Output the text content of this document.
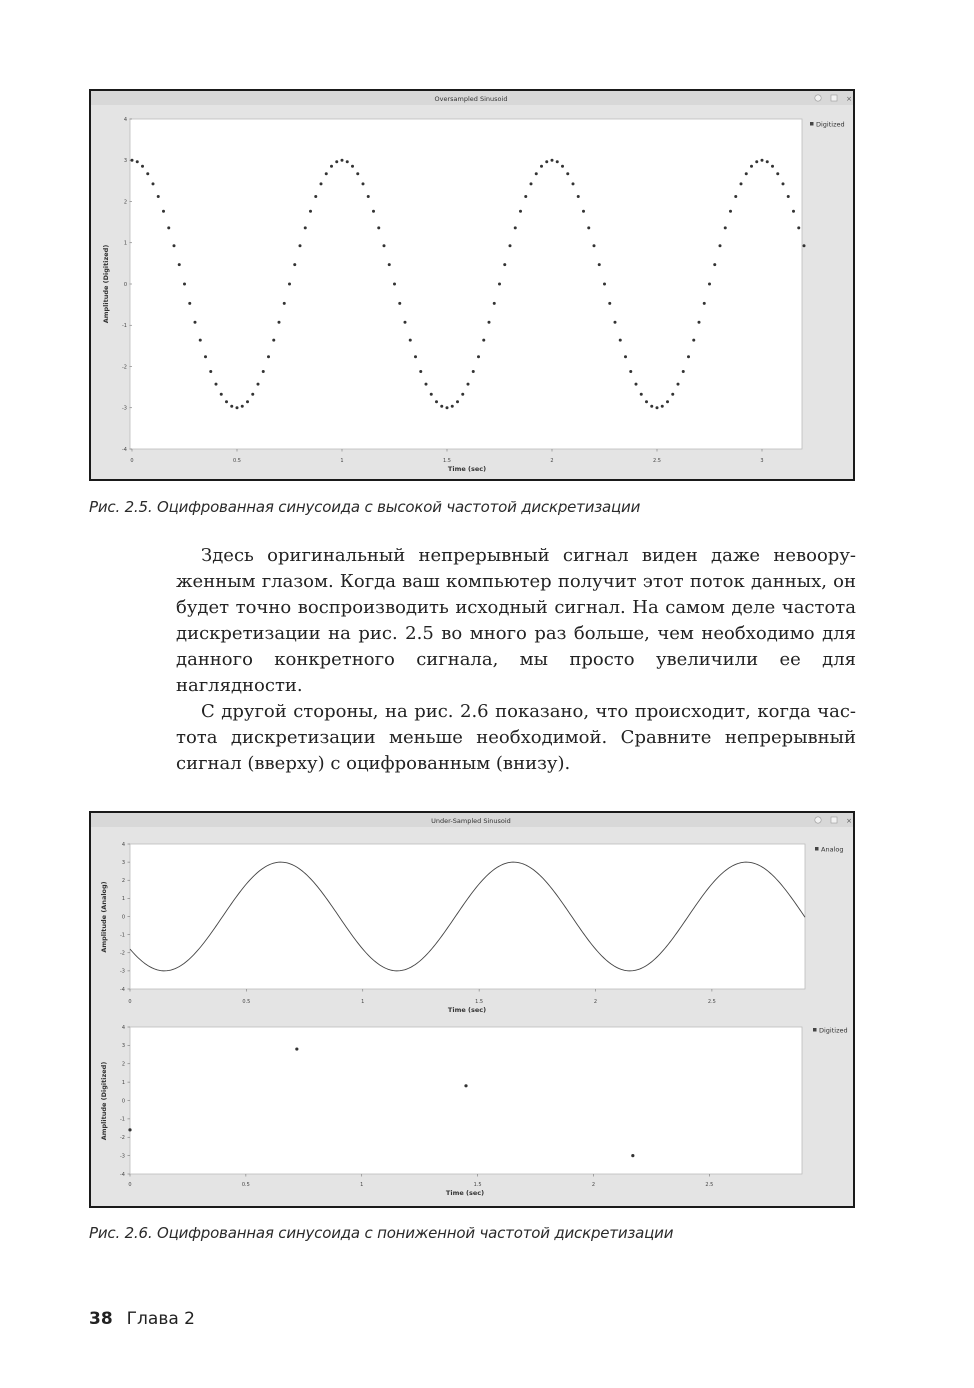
Oversampled Sinusoid	×
0	0.5	1	1.5	2	2.5	3
4
3
2
1
0
-1
-2
-3
-4
Time (sec)
Amplitude (Digitized)
Digitized
Рис. 2.5. Оцифрованная синусоида с высокой частотой дискретизации

Здесь оригинальный непрерывный сигнал виден даже невооруженным глазом. Когда ваш компьютер получит этот поток данных, он будет точно воспроизводить исходный сигнал. На самом деле частота дискретизации на рис. 2.5 во много раз больше, чем необходимо для данного конкретного сигнала, мы просто увеличили ее для наглядности.

С другой стороны, на рис. 2.6 показано, что происходит, когда частота дискретизации меньше необходимой. Сравните непрерывный сигнал (вверху) с оцифрованным (внизу).

Under-Sampled Sinusoid	×
0	0.5	1	1.5	2	2.5
4
3
2
1
0
-1
-2
-3
-4
Time (sec)
Amplitude (Analog)
Analog
0	0.5	1	1.5	2	2.5
4
3
2
1
0
-1
-2
-3
-4
Time (sec)
Amplitude (Digitized)
Digitized
Рис. 2.6. Оцифрованная синусоида с пониженной частотой дискретизации
38 Глава 2
